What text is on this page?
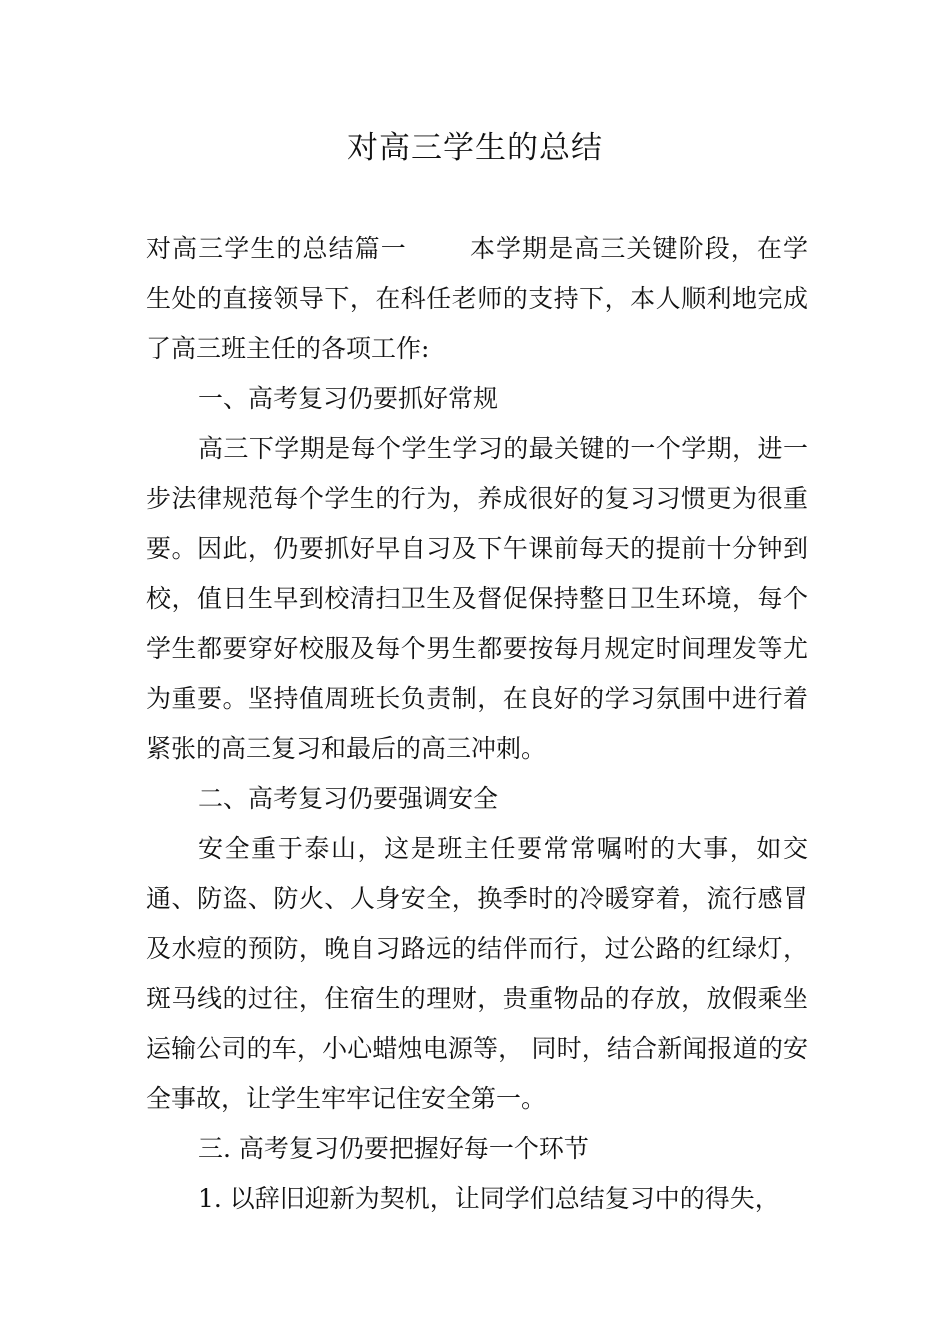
对高三学生的总结

对高三学生的总结篇一 本学期是高三关键阶段，在学生处的直接领导下，在科任老师的支持下，本人顺利地完成了高三班主任的各项工作:

一、高考复习仍要抓好常规

高三下学期是每个学生学习的最关键的一个学期，进一步法律规范每个学生的行为，养成很好的复习习惯更为很重要。因此，仍要抓好早自习及下午课前每天的提前十分钟到校，值日生早到校清扫卫生及督促保持整日卫生环境，每个学生都要穿好校服及每个男生都要按每月规定时间理发等尤为重要。坚持值周班长负责制，在良好的学习氛围中进行着紧张的高三复习和最后的高三冲刺。

二、高考复习仍要强调安全

安全重于泰山，这是班主任要常常嘱咐的大事，如交通、防盗、防火、人身安全，换季时的冷暖穿着，流行感冒及水痘的预防，晚自习路远的结伴而行，过公路的红绿灯，斑马线的过往，住宿生的理财，贵重物品的存放，放假乘坐运输公司的车，小心蜡烛电源等， 同时，结合新闻报道的安全事故，让学生牢牢记住安全第一。

三. 高考复习仍要把握好每一个环节

1. 以辞旧迎新为契机，让同学们总结复习中的得失，
